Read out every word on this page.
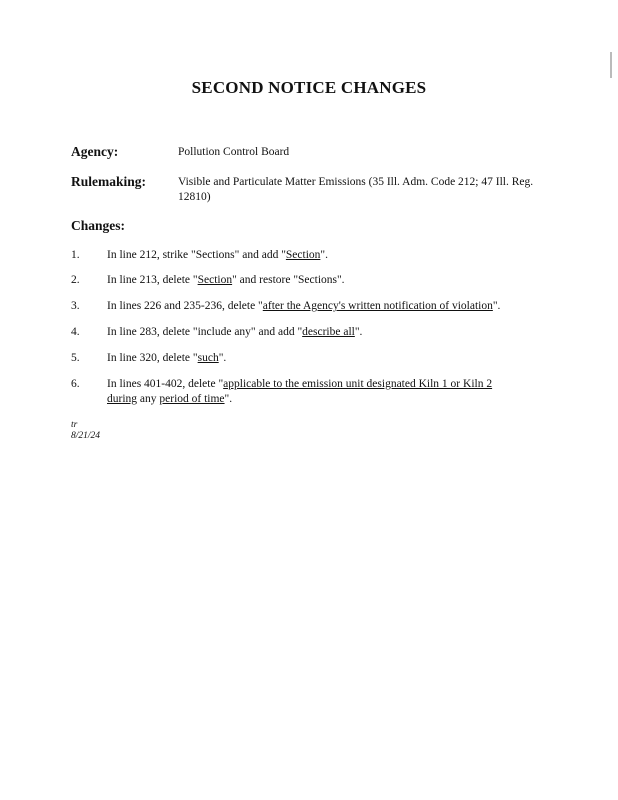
SECOND NOTICE CHANGES
Agency:	Pollution Control Board
Rulemaking:	Visible and Particulate Matter Emissions (35 Ill. Adm. Code 212; 47 Ill. Reg. 12810)
Changes:
1. In line 212, strike "Sections" and add "Section".
2. In line 213, delete "Section" and restore "Sections".
3. In lines 226 and 235-236, delete "after the Agency's written notification of violation".
4. In line 283, delete "include any" and add "describe all".
5. In line 320, delete "such".
6. In lines 401-402, delete "applicable to the emission unit designated Kiln 1 or Kiln 2 during any period of time".
tr
8/21/24
